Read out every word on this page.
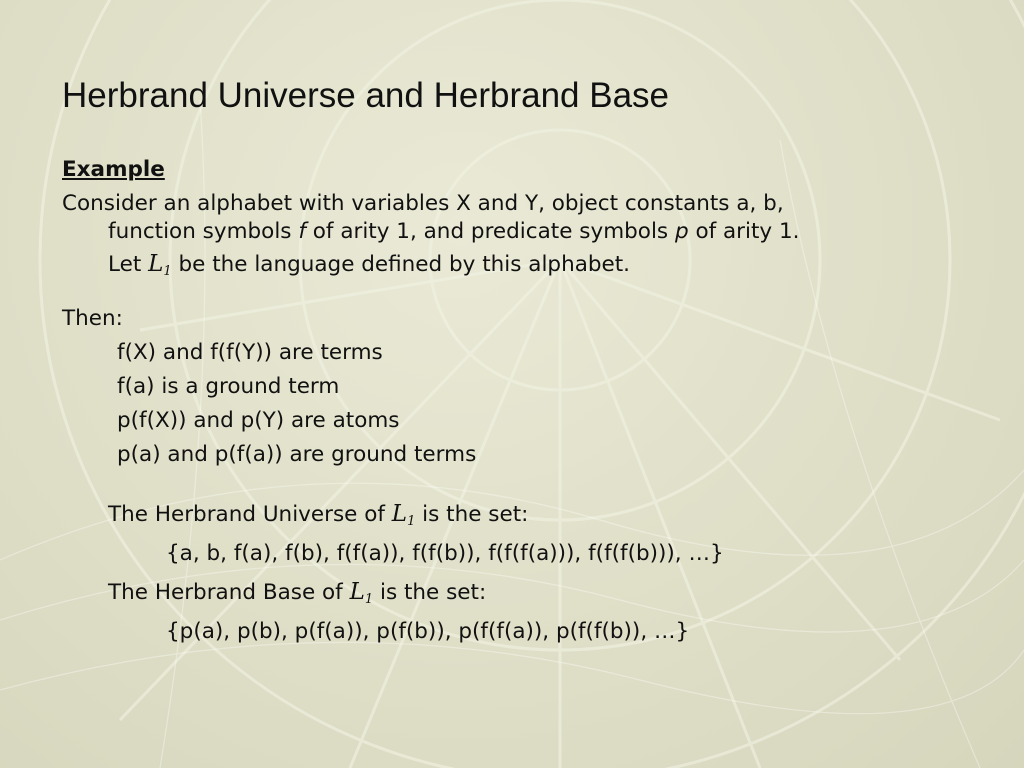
Herbrand Universe and Herbrand Base
Example
Consider an alphabet with variables X and Y, object constants a, b,
function symbols f of arity 1, and predicate symbols p of arity 1.
Let $L_1$ be the language defined by this alphabet.
Then:
f(X) and f(f(Y)) are terms
f(a) is a ground term
p(f(X)) and p(Y) are atoms
p(a) and p(f(a)) are ground terms
The Herbrand Universe of $L_1$ is the set:
{a, b, f(a), f(b), f(f(a)), f(f(b)), f(f(f(a))), f(f(f(b))), …}
The Herbrand Base of $L_1$ is the set:
{p(a), p(b), p(f(a)), p(f(b)), p(f(f(a)), p(f(f(b)), …}
